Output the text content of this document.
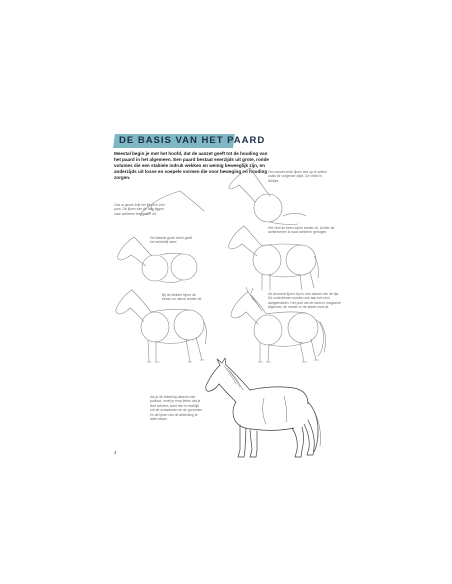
DE BASIS VAN HET PAARD
Meestal begin je met het hoofd, dat de aanzet geeft tot de houding van het paard in het algemeen. Een paard bestaat enerzijds uit grote, ronde volumes die een stabiele indruk wekken en weinig beweeglijk zijn, en anderzijds uit losse en soepele vormen die voor beweging en houding zorgen.
Om vanuit ronde lijnen iets op te zetten zoals de volgende zijde, De cirkel in lichtjes
Ook al geven krijt het lijf uit in een punt. De lijnen van de hals liggen naar achteren toe breder uit.
De tweede grote cirkel geeft het achterlijf weer.
Het vind de been lopen breder uit. Achter de achterbenen is naar achteren gebogen.
Bij de dikkere lijnen de benen zo nieuw breder uit.
De dunnere lijnen zijn in een aanzet van de tijd. De onderbenen worden ook aan het eind aangetrokken. Het punt als de stam in magazine afgerond, de manen in de staart mooi af.
Als je de tekening afwerkt met potlood, moet je erop letten dat je licht schetst, want hier is moeilijk om de schaduwen en de grommen en de lijnen van de afwerking te laten staan.
4
